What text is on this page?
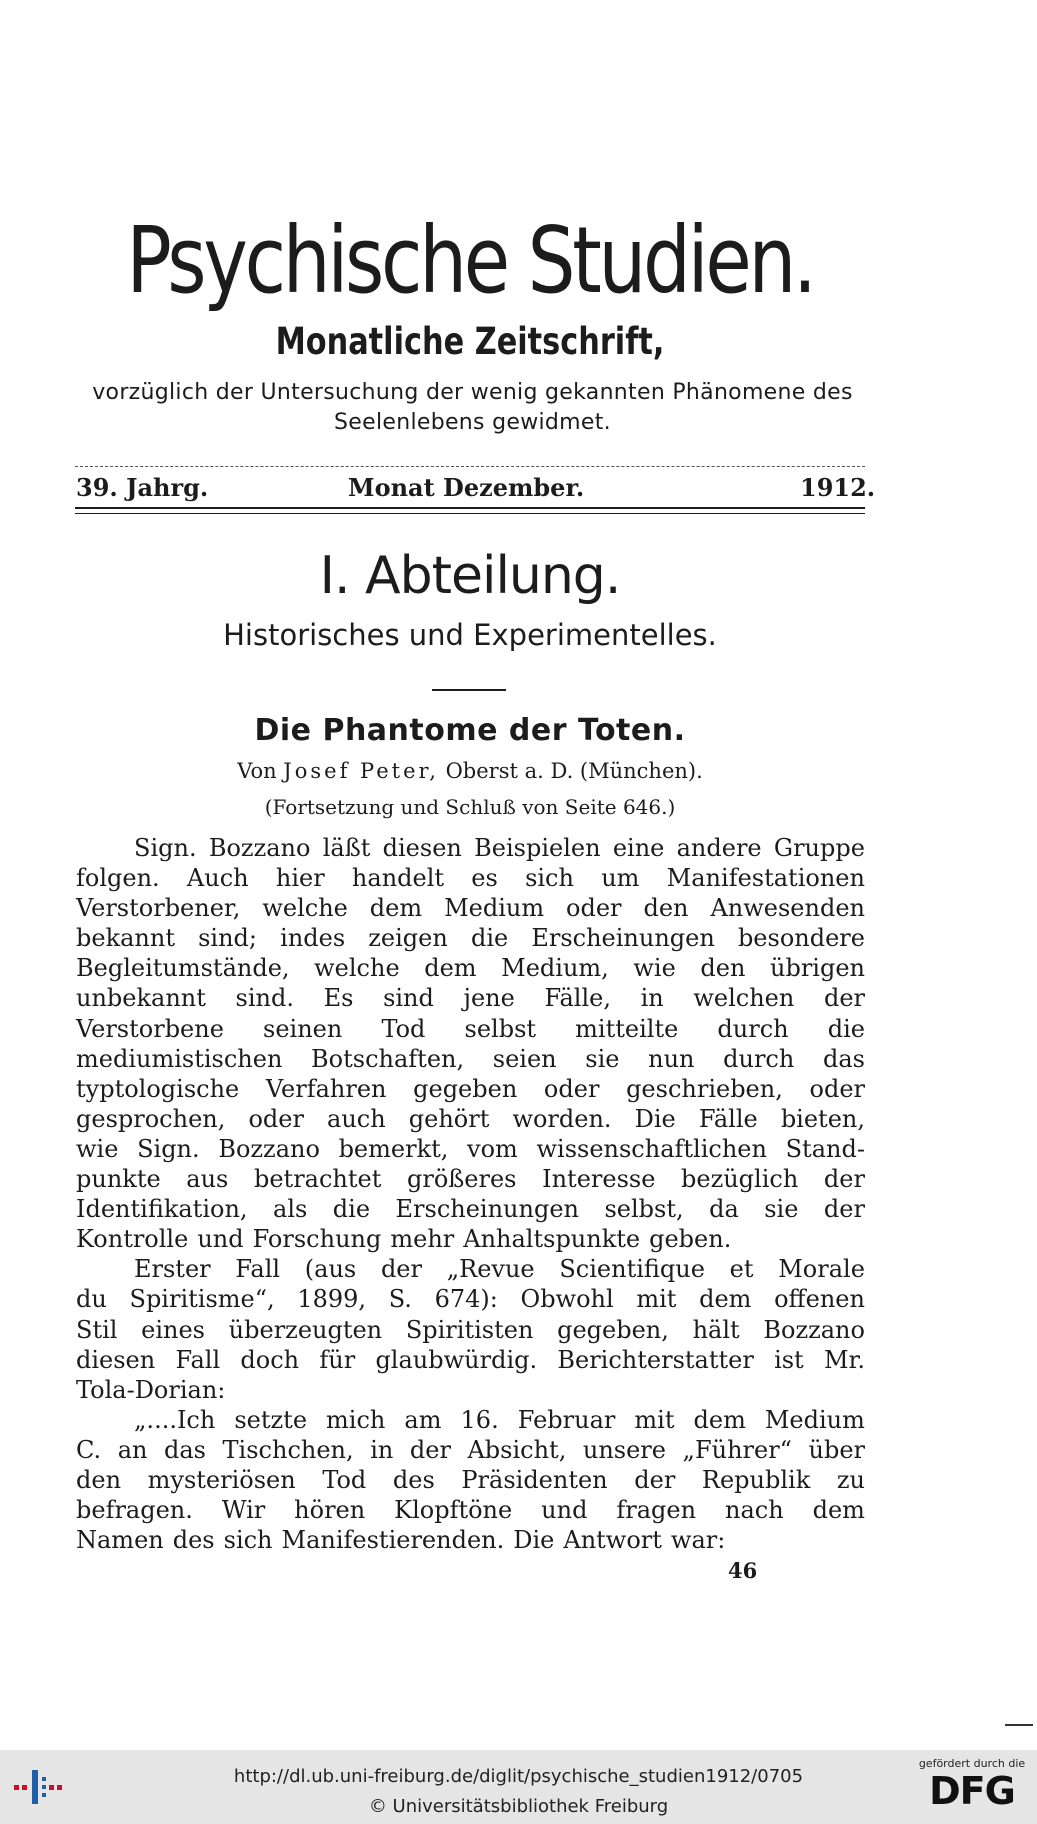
Psychische Studien.
Monatliche Zeitschrift,
vorzüglich der Untersuchung der wenig gekannten Phänomene des
Seelenlebens gewidmet.
39. Jahrg.	Monat Dezember.	1912.
I. Abteilung.
Historisches und Experimentelles.
Die Phantome der Toten.
Von Josef Peter, Oberst a. D. (München).
(Fortsetzung und Schluß von Seite 646.)
Sign. Bozzano läßt diesen Beispielen eine andere Gruppe
folgen. Auch hier handelt es sich um Manifestationen
Verstorbener, welche dem Medium oder den Anwesenden
bekannt sind; indes zeigen die Erscheinungen besondere
Begleitumstände, welche dem Medium, wie den übrigen
unbekannt sind. Es sind jene Fälle, in welchen der
Verstorbene seinen Tod selbst mitteilte durch die
mediumistischen Botschaften, seien sie nun durch das
typtologische Verfahren gegeben oder geschrieben, oder
gesprochen, oder auch gehört worden. Die Fälle bieten,
wie Sign. Bozzano bemerkt, vom wissenschaftlichen Stand-
punkte aus betrachtet größeres Interesse bezüglich der
Identifikation, als die Erscheinungen selbst, da sie der
Kontrolle und Forschung mehr Anhaltspunkte geben.
Erster Fall (aus der „Revue Scientifique et Morale
du Spiritisme“, 1899, S. 674): Obwohl mit dem offenen
Stil eines überzeugten Spiritisten gegeben, hält Bozzano
diesen Fall doch für glaubwürdig. Berichterstatter ist Mr.
Tola-Dorian:
„....Ich setzte mich am 16. Februar mit dem Medium
C. an das Tischchen, in der Absicht, unsere „Führer“ über
den mysteriösen Tod des Präsidenten der Republik zu
befragen. Wir hören Klopftöne und fragen nach dem
Namen des sich Manifestierenden. Die Antwort war:
46
http://dl.ub.uni-freiburg.de/diglit/psychische_studien1912/0705
© Universitätsbibliothek Freiburg
gefördert durch die
DFG
